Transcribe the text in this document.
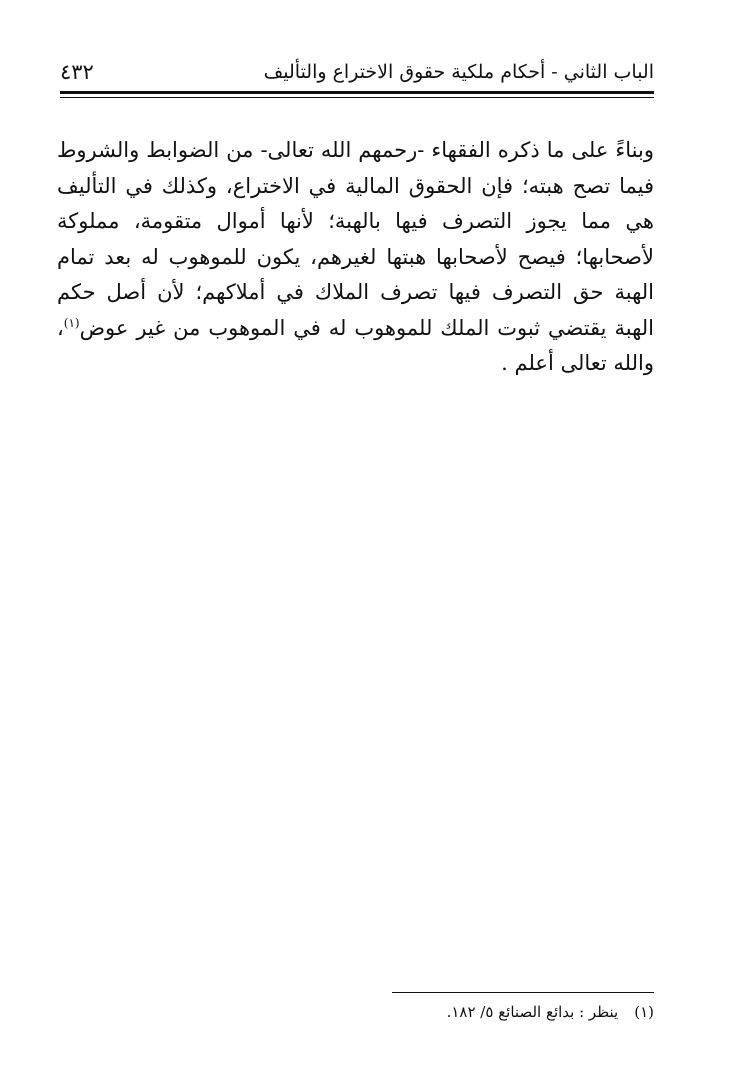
الباب الثاني - أحكام ملكية حقوق الاختراع والتأليف
٤٣٢

وبناءً على ما ذكره الفقهاء -رحمهم الله تعالى- من الضوابط والشروط فيما تصح هبته؛ فإن الحقوق المالية في الاختراع، وكذلك في التأليف هي مما يجوز التصرف فيها بالهبة؛ لأنها أموال متقومة، مملوكة لأصحابها؛ فيصح لأصحابها هبتها لغيرهم، يكون للموهوب له بعد تمام الهبة حق التصرف فيها تصرف الملاك في أملاكهم؛ لأن أصل حكم الهبة يقتضي ثبوت الملك للموهوب له في الموهوب من غير عوض$^{(١)}$، والله تعالى أعلم .

(١)ينظر : بدائع الصنائع ٥/ ١٨٢.
